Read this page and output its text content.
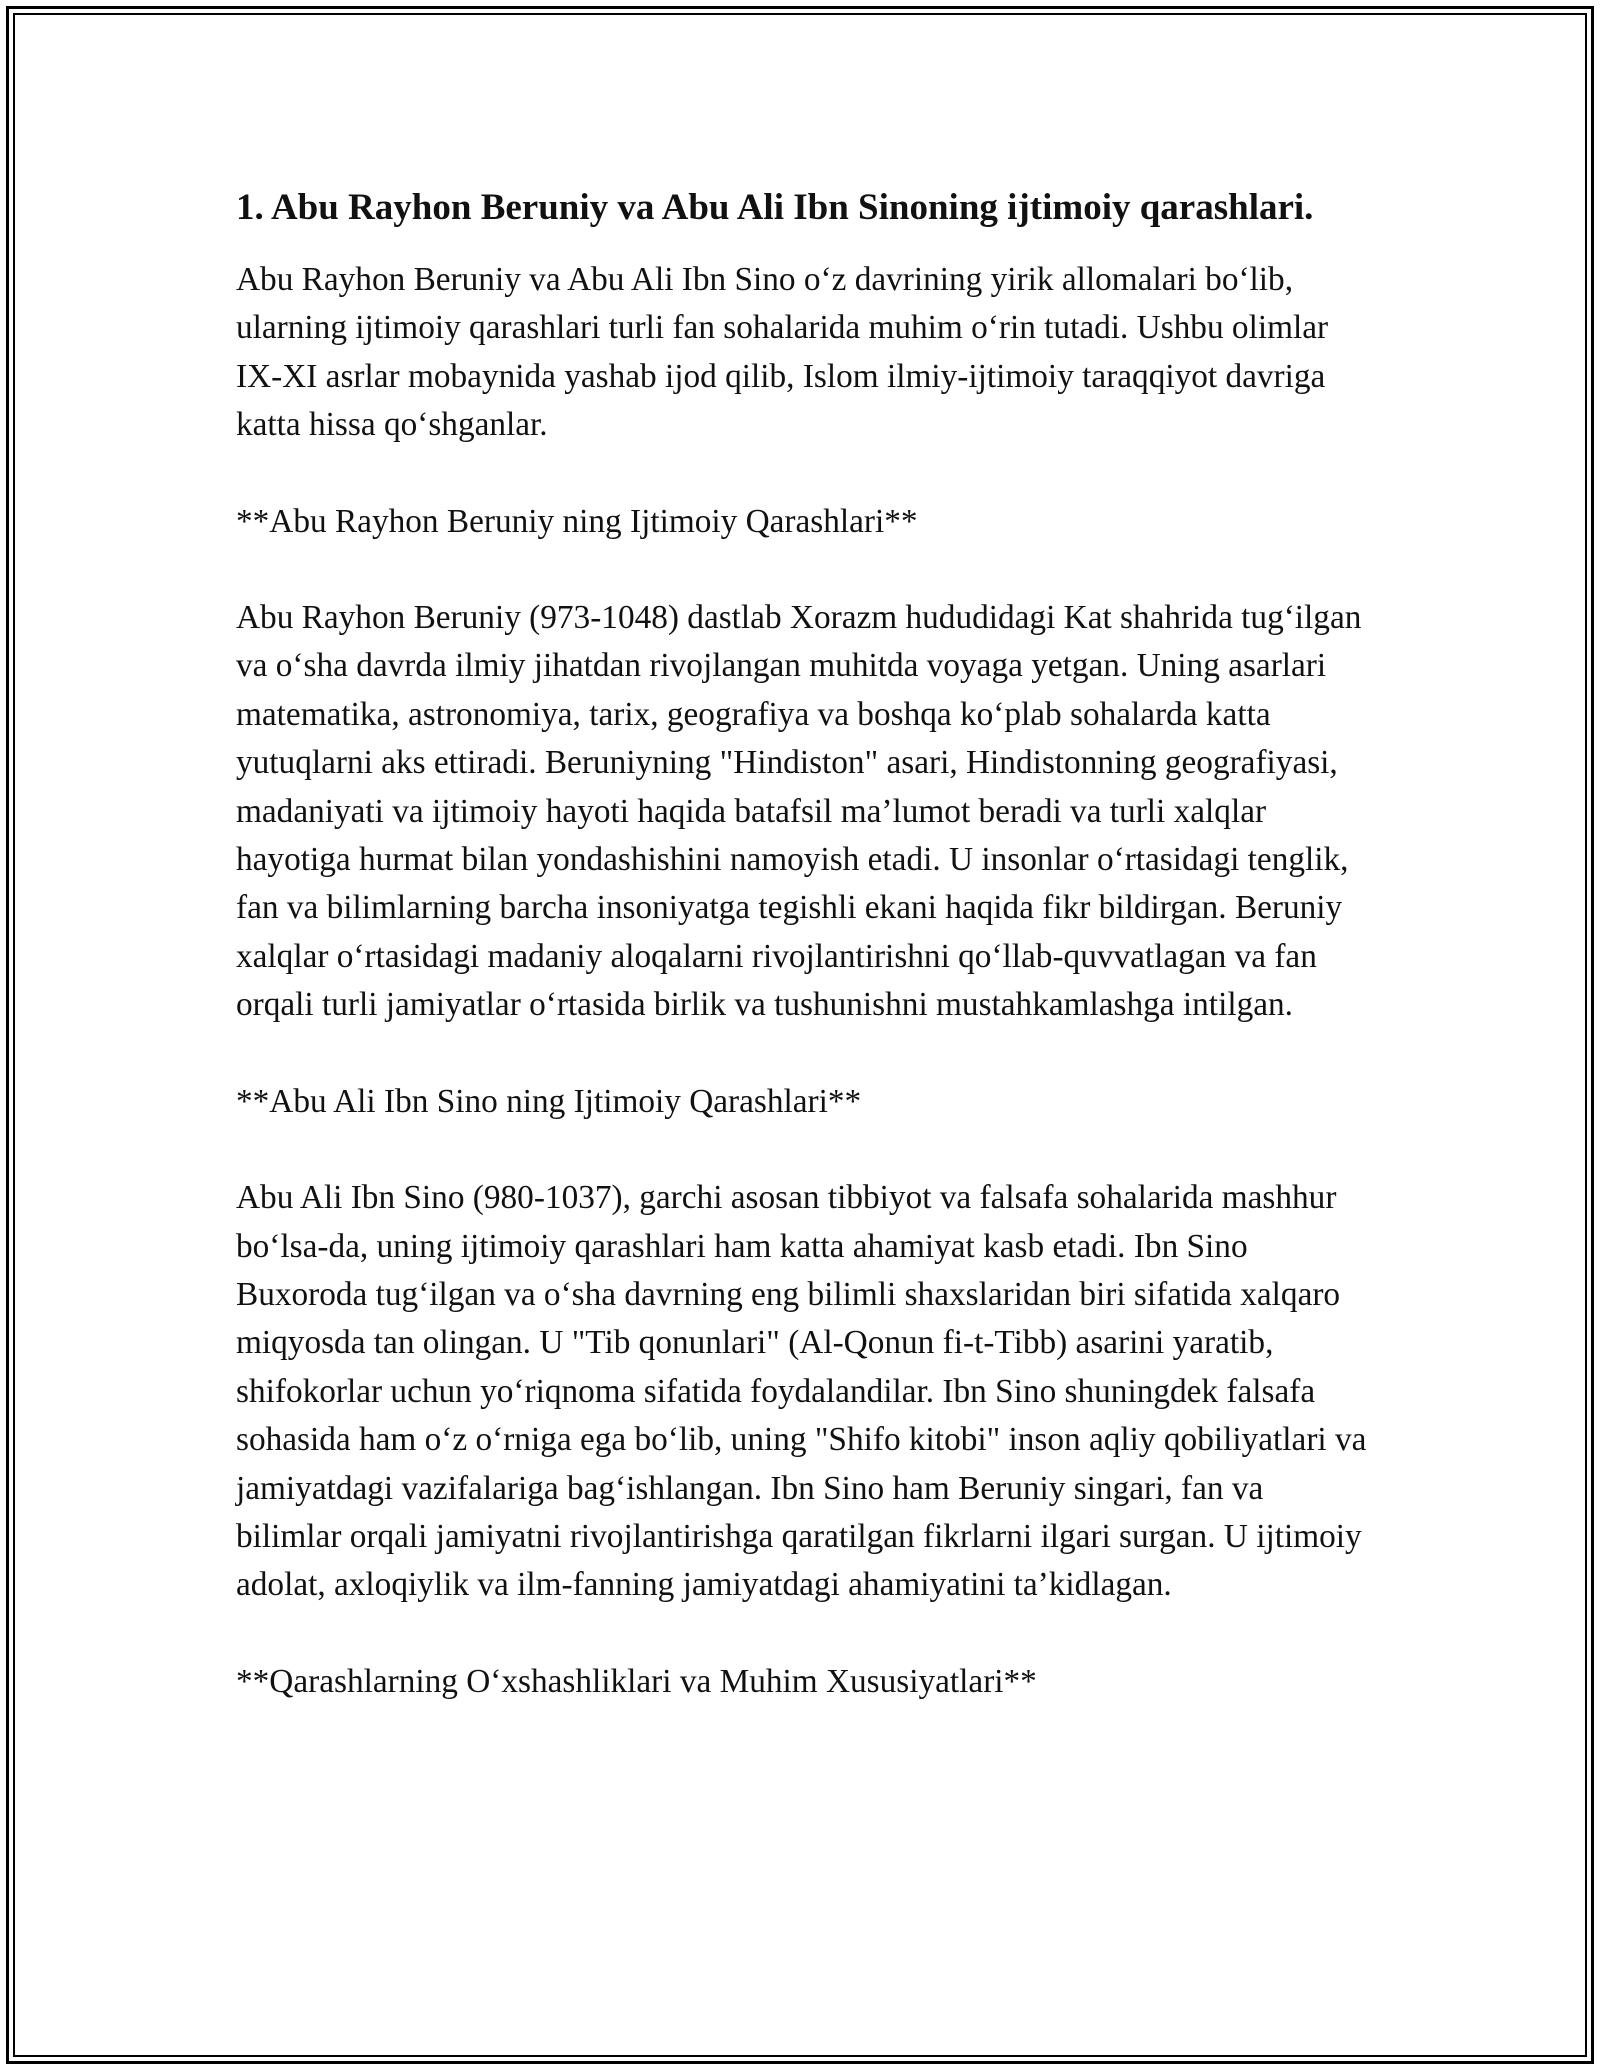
1. Abu Rayhon Beruniy va Abu Ali Ibn Sinoning ijtimoiy qarashlari.

Abu Rayhon Beruniy va Abu Ali Ibn Sino o‘z davrining yirik allomalari bo‘lib, ularning ijtimoiy qarashlari turli fan sohalarida muhim o‘rin tutadi. Ushbu olimlar IX-XI asrlar mobaynida yashab ijod qilib, Islom ilmiy-ijtimoiy taraqqiyot davriga katta hissa qo‘shganlar.

**Abu Rayhon Beruniy ning Ijtimoiy Qarashlari**

Abu Rayhon Beruniy (973-1048) dastlab Xorazm hududidagi Kat shahrida tug‘ilgan va o‘sha davrda ilmiy jihatdan rivojlangan muhitda voyaga yetgan. Uning asarlari matematika, astronomiya, tarix, geografiya va boshqa ko‘plab sohalarda katta yutuqlarni aks ettiradi. Beruniyning "Hindiston" asari, Hindistonning geografiyasi, madaniyati va ijtimoiy hayoti haqida batafsil ma’lumot beradi va turli xalqlar hayotiga hurmat bilan yondashishini namoyish etadi. U insonlar o‘rtasidagi tenglik, fan va bilimlarning barcha insoniyatga tegishli ekani haqida fikr bildirgan. Beruniy xalqlar o‘rtasidagi madaniy aloqalarni rivojlantirishni qo‘llab-quvvatlagan va fan orqali turli jamiyatlar o‘rtasida birlik va tushunishni mustahkamlashga intilgan.

**Abu Ali Ibn Sino ning Ijtimoiy Qarashlari**

Abu Ali Ibn Sino (980-1037), garchi asosan tibbiyot va falsafa sohalarida mashhur bo‘lsa-da, uning ijtimoiy qarashlari ham katta ahamiyat kasb etadi. Ibn Sino Buxoroda tug‘ilgan va o‘sha davrning eng bilimli shaxslaridan biri sifatida xalqaro miqyosda tan olingan. U "Tib qonunlari" (Al-Qonun fi-t-Tibb) asarini yaratib, shifokorlar uchun yo‘riqnoma sifatida foydalandilar. Ibn Sino shuningdek falsafa sohasida ham o‘z o‘rniga ega bo‘lib, uning "Shifo kitobi" inson aqliy qobiliyatlari va jamiyatdagi vazifalariga bag‘ishlangan. Ibn Sino ham Beruniy singari, fan va bilimlar orqali jamiyatni rivojlantirishga qaratilgan fikrlarni ilgari surgan. U ijtimoiy adolat, axloqiylik va ilm-fanning jamiyatdagi ahamiyatini ta’kidlagan.

**Qarashlarning O‘xshashliklari va Muhim Xususiyatlari**
